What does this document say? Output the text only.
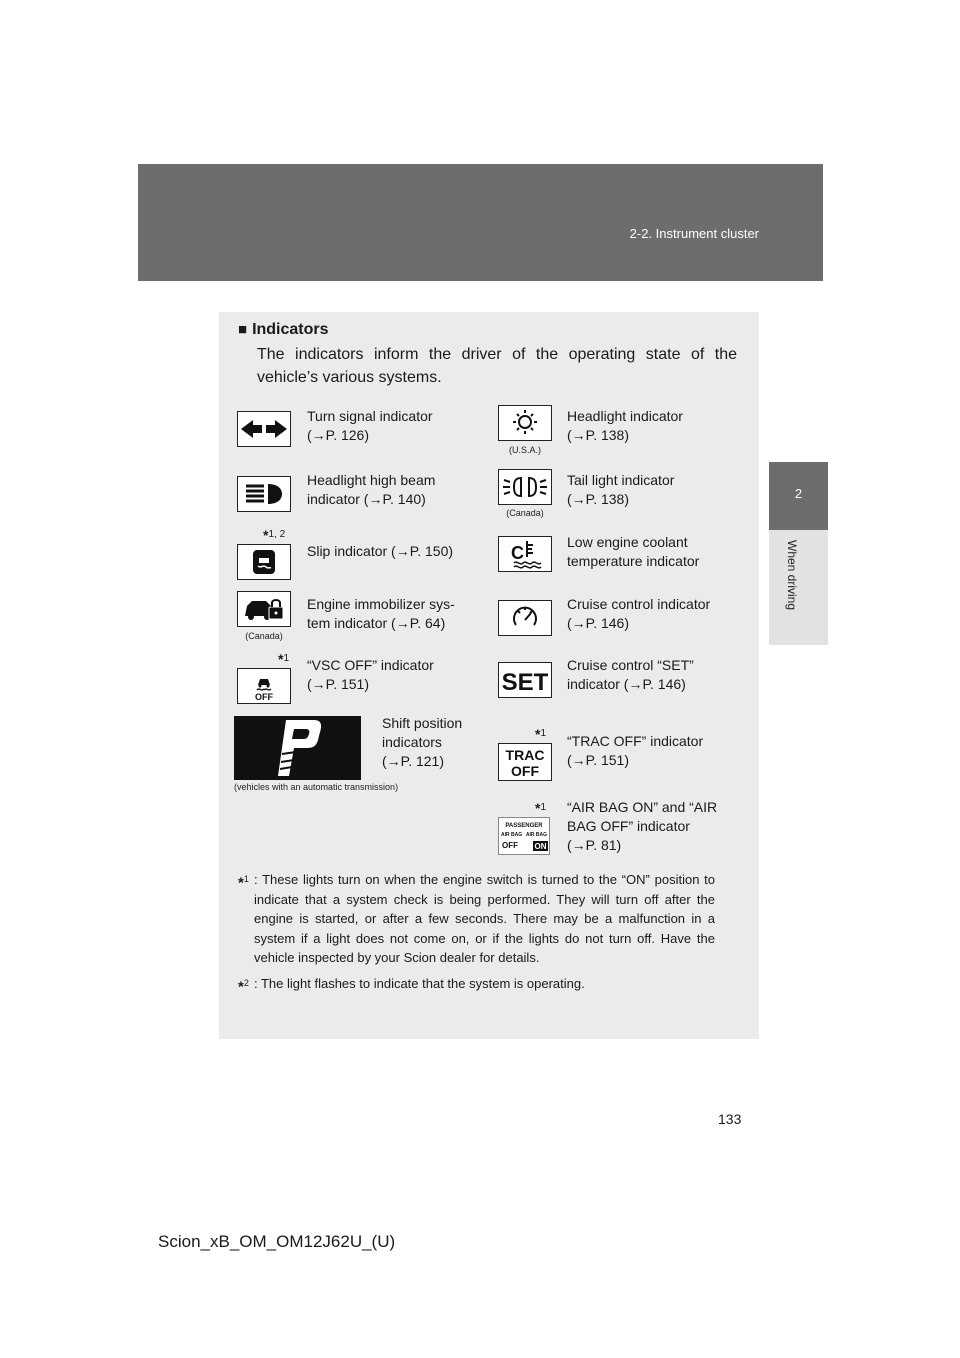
2-2. Instrument cluster
2
When driving
■ Indicators
The indicators inform the driver of the operating state of the vehicle’s various systems.
Turn signal indicator
(→P. 126)
(U.S.A.)
Headlight indicator
(→P. 138)
Headlight high beam
indicator (→P. 140)
(Canada)
Tail light indicator
(→P. 138)
*1, 2
Slip indicator (→P. 150)	C
Low engine coolant
temperature indicator
(Canada)
Engine immobilizer sys-
tem indicator (→P. 64)
Cruise control indicator
(→P. 146)
*1
OFF
“VSC OFF” indicator
(→P. 151)	SET
Cruise control “SET”
indicator (→P. 146)
P
(vehicles with an automatic transmission)
Shift position
indicators
(→P. 121)
*1
TRAC
OFF
“TRAC OFF” indicator
(→P. 151)
*1
PASSENGER
AIR BAG AIR BAG
OFF ON
“AIR BAG ON” and “AIR
BAG OFF” indicator
(→P. 81)
*$^1$ : These lights turn on when the engine switch is turned to the “ON” position to indicate that a system check is being performed. They will turn off after the engine is started, or after a few seconds. There may be a malfunction in a system if a light does not come on, or if the lights do not turn off. Have the vehicle inspected by your Scion dealer for details.
*$^2$ : The light flashes to indicate that the system is operating.
133
Scion_xB_OM_OM12J62U_(U)
